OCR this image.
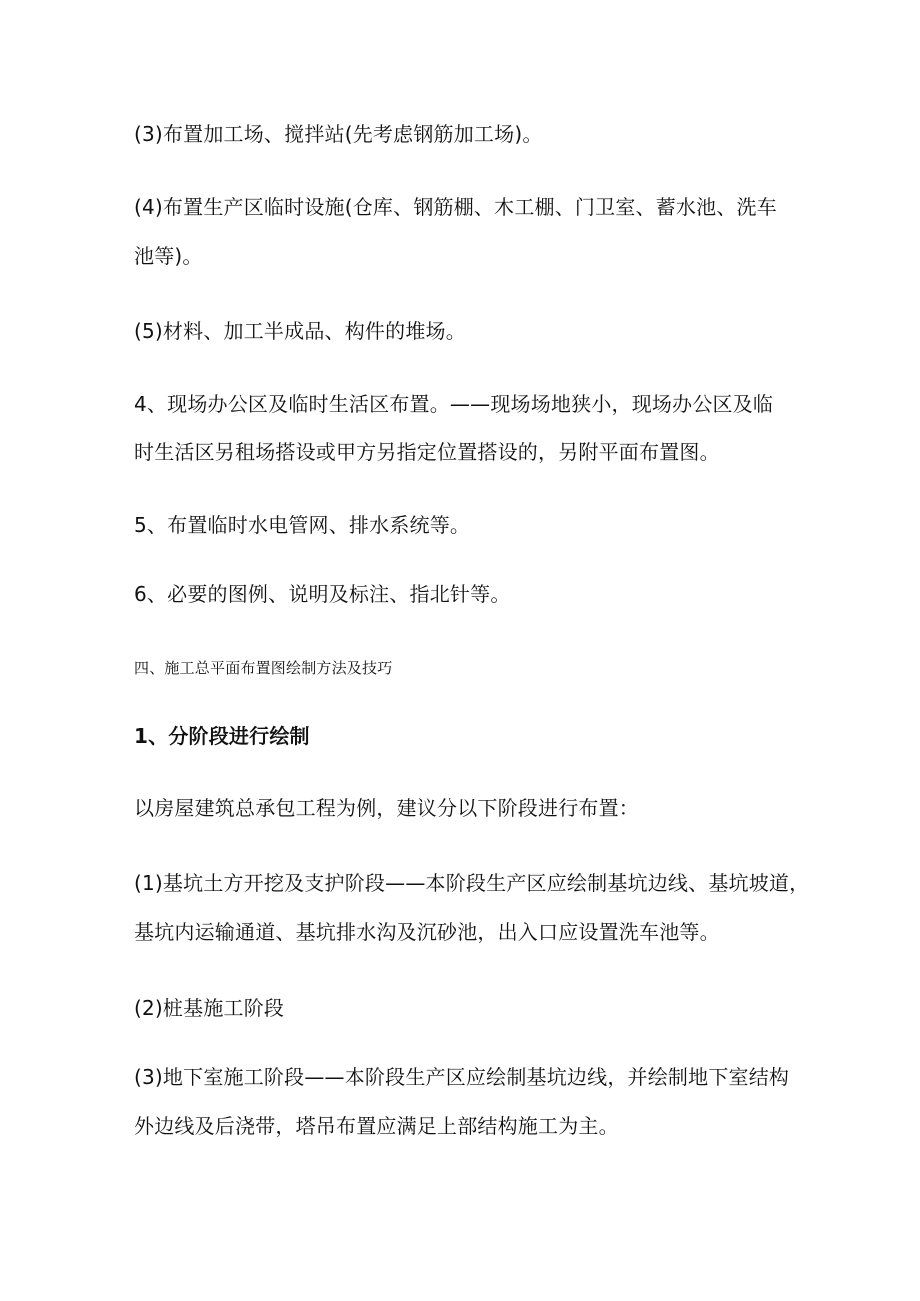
(3)布置加工场、搅拌站(先考虑钢筋加工场)。
(4)布置生产区临时设施(仓库、钢筋棚、木工棚、门卫室、蓄水池、洗车
池等)。
(5)材料、加工半成品、构件的堆场。
4、现场办公区及临时生活区布置。——现场场地狭小，现场办公区及临
时生活区另租场搭设或甲方另指定位置搭设的，另附平面布置图。
5、布置临时水电管网、排水系统等。
6、必要的图例、说明及标注、指北针等。
四、施工总平面布置图绘制方法及技巧
1、分阶段进行绘制
以房屋建筑总承包工程为例，建议分以下阶段进行布置：
(1)基坑土方开挖及支护阶段——本阶段生产区应绘制基坑边线、基坑坡道，
基坑内运输通道、基坑排水沟及沉砂池，出入口应设置洗车池等。
(2)桩基施工阶段
(3)地下室施工阶段——本阶段生产区应绘制基坑边线，并绘制地下室结构
外边线及后浇带，塔吊布置应满足上部结构施工为主。
